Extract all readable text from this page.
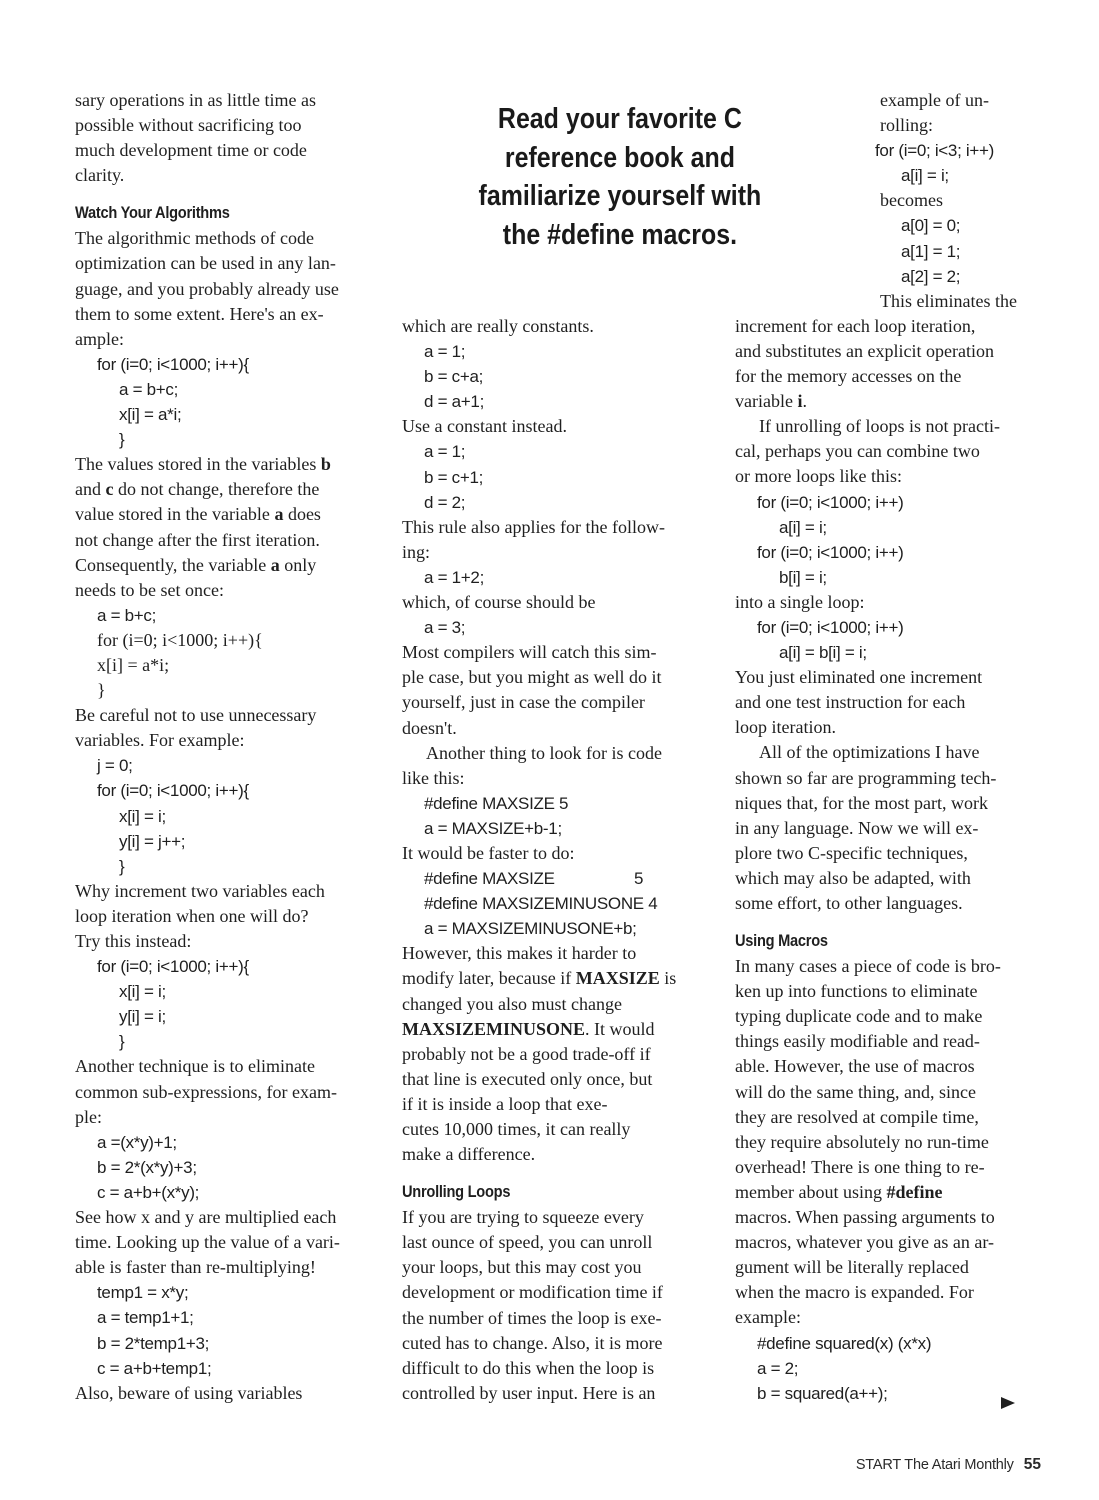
sary operations in as little time as
possible without sacrificing too
much development time or code
clarity.
Watch Your Algorithms
The algorithmic methods of code
optimization can be used in any lan-
guage, and you probably already use
them to some extent. Here's an ex-
ample:
for (i=0; i<1000; i++){
a = b+c;
x[i] = a*i;
}
The values stored in the variables b
and c do not change, therefore the
value stored in the variable a does
not change after the first iteration.
Consequently, the variable a only
needs to be set once:
a = b+c;
for (i=0; i<1000; i++){
x[i] = a*i;
}
Be careful not to use unnecessary
variables. For example:
j = 0;
for (i=0; i<1000; i++){
x[i] = i;
y[i] = j++;
}
Why increment two variables each
loop iteration when one will do?
Try this instead:
for (i=0; i<1000; i++){
x[i] = i;
y[i] = i;
}
Another technique is to eliminate
common sub-expressions, for exam-
ple:
a =(x*y)+1;
b = 2*(x*y)+3;
c = a+b+(x*y);
See how x and y are multiplied each
time. Looking up the value of a vari-
able is faster than re-multiplying!
temp1 = x*y;
a = temp1+1;
b = 2*temp1+3;
c = a+b+temp1;
Also, beware of using variables
Read your favorite C
reference book and
familiarize yourself with
the #define macros.
which are really constants.
a = 1;
b = c+a;
d = a+1;
Use a constant instead.
a = 1;
b = c+1;
d = 2;
This rule also applies for the follow-
ing:
a = 1+2;
which, of course should be
a = 3;
Most compilers will catch this sim-
ple case, but you might as well do it
yourself, just in case the compiler
doesn't.
Another thing to look for is code
like this:
#define MAXSIZE 5
a = MAXSIZE+b-1;
It would be faster to do:
#define MAXSIZE	5
#define MAXSIZEMINUSONE 4
a = MAXSIZEMINUSONE+b;
However, this makes it harder to
modify later, because if MAXSIZE is
changed you also must change
MAXSIZEMINUSONE. It would
probably not be a good trade-off if
that line is executed only once, but
if it is inside a loop that exe-
cutes 10,000 times, it can really
make a difference.
Unrolling Loops
If you are trying to squeeze every
last ounce of speed, you can unroll
your loops, but this may cost you
development or modification time if
the number of times the loop is exe-
cuted has to change. Also, it is more
difficult to do this when the loop is
controlled by user input. Here is an
example of un-
rolling:
for (i=0; i<3; i++)
a[i] = i;
becomes
a[0] = 0;
a[1] = 1;
a[2] = 2;
This eliminates the
increment for each loop iteration,
and substitutes an explicit operation
for the memory accesses on the
variable i.
If unrolling of loops is not practi-
cal, perhaps you can combine two
or more loops like this:
for (i=0; i<1000; i++)
a[i] = i;
for (i=0; i<1000; i++)
b[i] = i;
into a single loop:
for (i=0; i<1000; i++)
a[i] = b[i] = i;
You just eliminated one increment
and one test instruction for each
loop iteration.
All of the optimizations I have
shown so far are programming tech-
niques that, for the most part, work
in any language. Now we will ex-
plore two C-specific techniques,
which may also be adapted, with
some effort, to other languages.
Using Macros
In many cases a piece of code is bro-
ken up into functions to eliminate
typing duplicate code and to make
things easily modifiable and read-
able. However, the use of macros
will do the same thing, and, since
they are resolved at compile time,
they require absolutely no run-time
overhead! There is one thing to re-
member about using #define
macros. When passing arguments to
macros, whatever you give as an ar-
gument will be literally replaced
when the macro is expanded. For
example:
#define squared(x) (x*x)
a = 2;
b = squared(a++);
START The Atari Monthly 55
